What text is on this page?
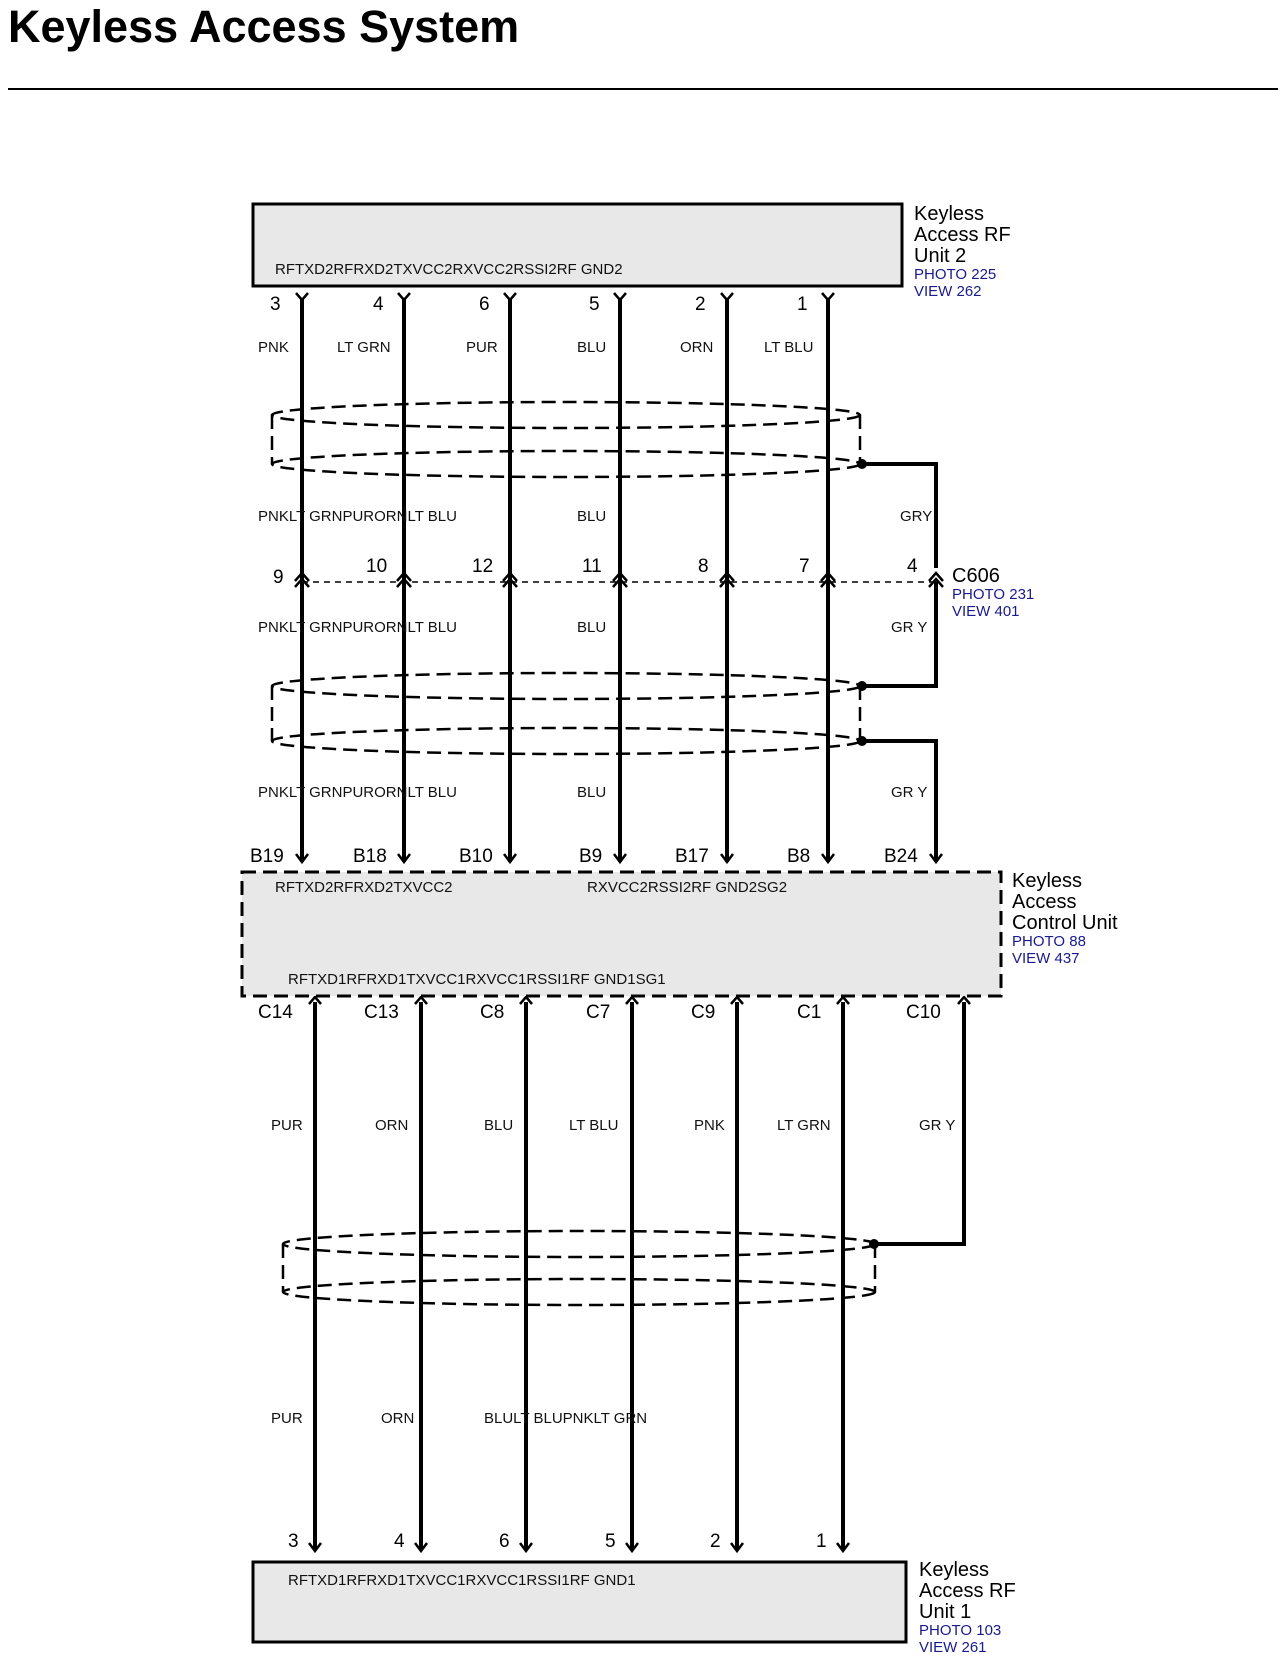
Keyless Access System
RFTXD2RFRXD2TXVCC2RXVCC2RSSI2RF GND2
Keyless
Access RF
Unit 2
PHOTO 225
VIEW 262
3	4	6	5	2	1
PNK	LT GRN	PUR	BLU	ORN	LT BLU
PNKLT GRNPURORNLT BLU	BLU	GRY
9
10	12	11	8	7	4 C606
PHOTO 231
VIEW 401
PNKLT GRNPURORNLT BLU	BLU	GR Y
PNKLT GRNPURORNLT BLU	BLU	GR Y
B19	B18	B10	B9	B17	B8	B24
RFTXD2RFRXD2TXVCC2	RXVCC2RSSI2RF GND2SG2
RFTXD1RFRXD1TXVCC1RXVCC1RSSI1RF GND1SG1
Keyless
Access
Control Unit
PHOTO 88
VIEW 437
C14	C13	C8	C7	C9	C1	C10
PUR	ORN	BLU	LT BLU	PNK	LT GRN	GR Y
PUR	ORN	BLULT BLUPNKLT GRN
3	4	6	5	2	1
RFTXD1RFRXD1TXVCC1RXVCC1RSSI1RF GND1	Keyless
Access RF
Unit 1
PHOTO 103
VIEW 261
